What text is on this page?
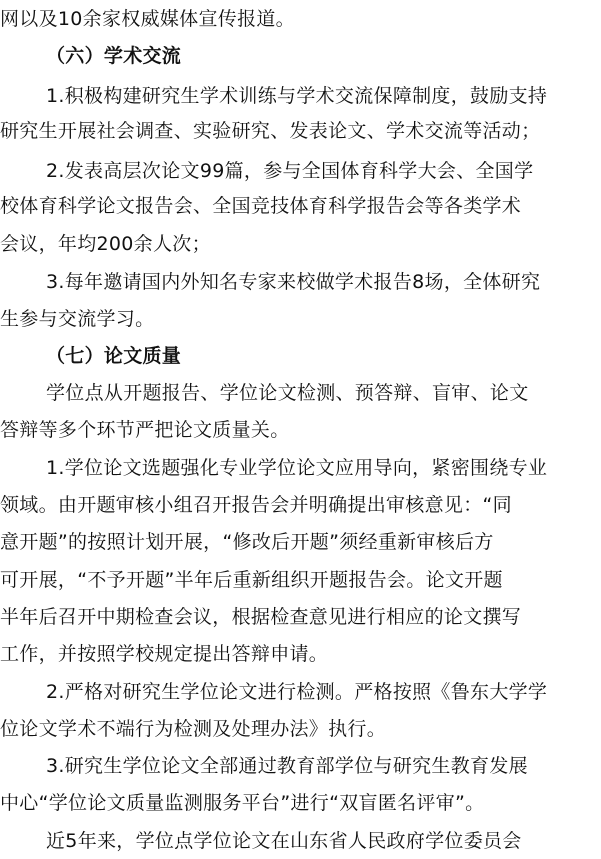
网以及10余家权威媒体宣传报道。
（六）学术交流
1.积极构建研究生学术训练与学术交流保障制度，鼓励支持
研究生开展社会调查、实验研究、发表论文、学术交流等活动；
2.发表高层次论文99篇，参与全国体育科学大会、全国学
校体育科学论文报告会、全国竞技体育科学报告会等各类学术
会议，年均200余人次；
3.每年邀请国内外知名专家来校做学术报告8场，全体研究
生参与交流学习。
（七）论文质量
学位点从开题报告、学位论文检测、预答辩、盲审、论文
答辩等多个环节严把论文质量关。
1.学位论文选题强化专业学位论文应用导向，紧密围绕专业
领域。由开题审核小组召开报告会并明确提出审核意见：“同
意开题”的按照计划开展，“修改后开题”须经重新审核后方
可开展，“不予开题”半年后重新组织开题报告会。论文开题
半年后召开中期检查会议，根据检查意见进行相应的论文撰写
工作，并按照学校规定提出答辩申请。
2.严格对研究生学位论文进行检测。严格按照《鲁东大学学
位论文学术不端行为检测及处理办法》执行。
3.研究生学位论文全部通过教育部学位与研究生教育发展
中心“学位论文质量监测服务平台”进行“双盲匿名评审”。
近5年来，学位点学位论文在山东省人民政府学位委员会
